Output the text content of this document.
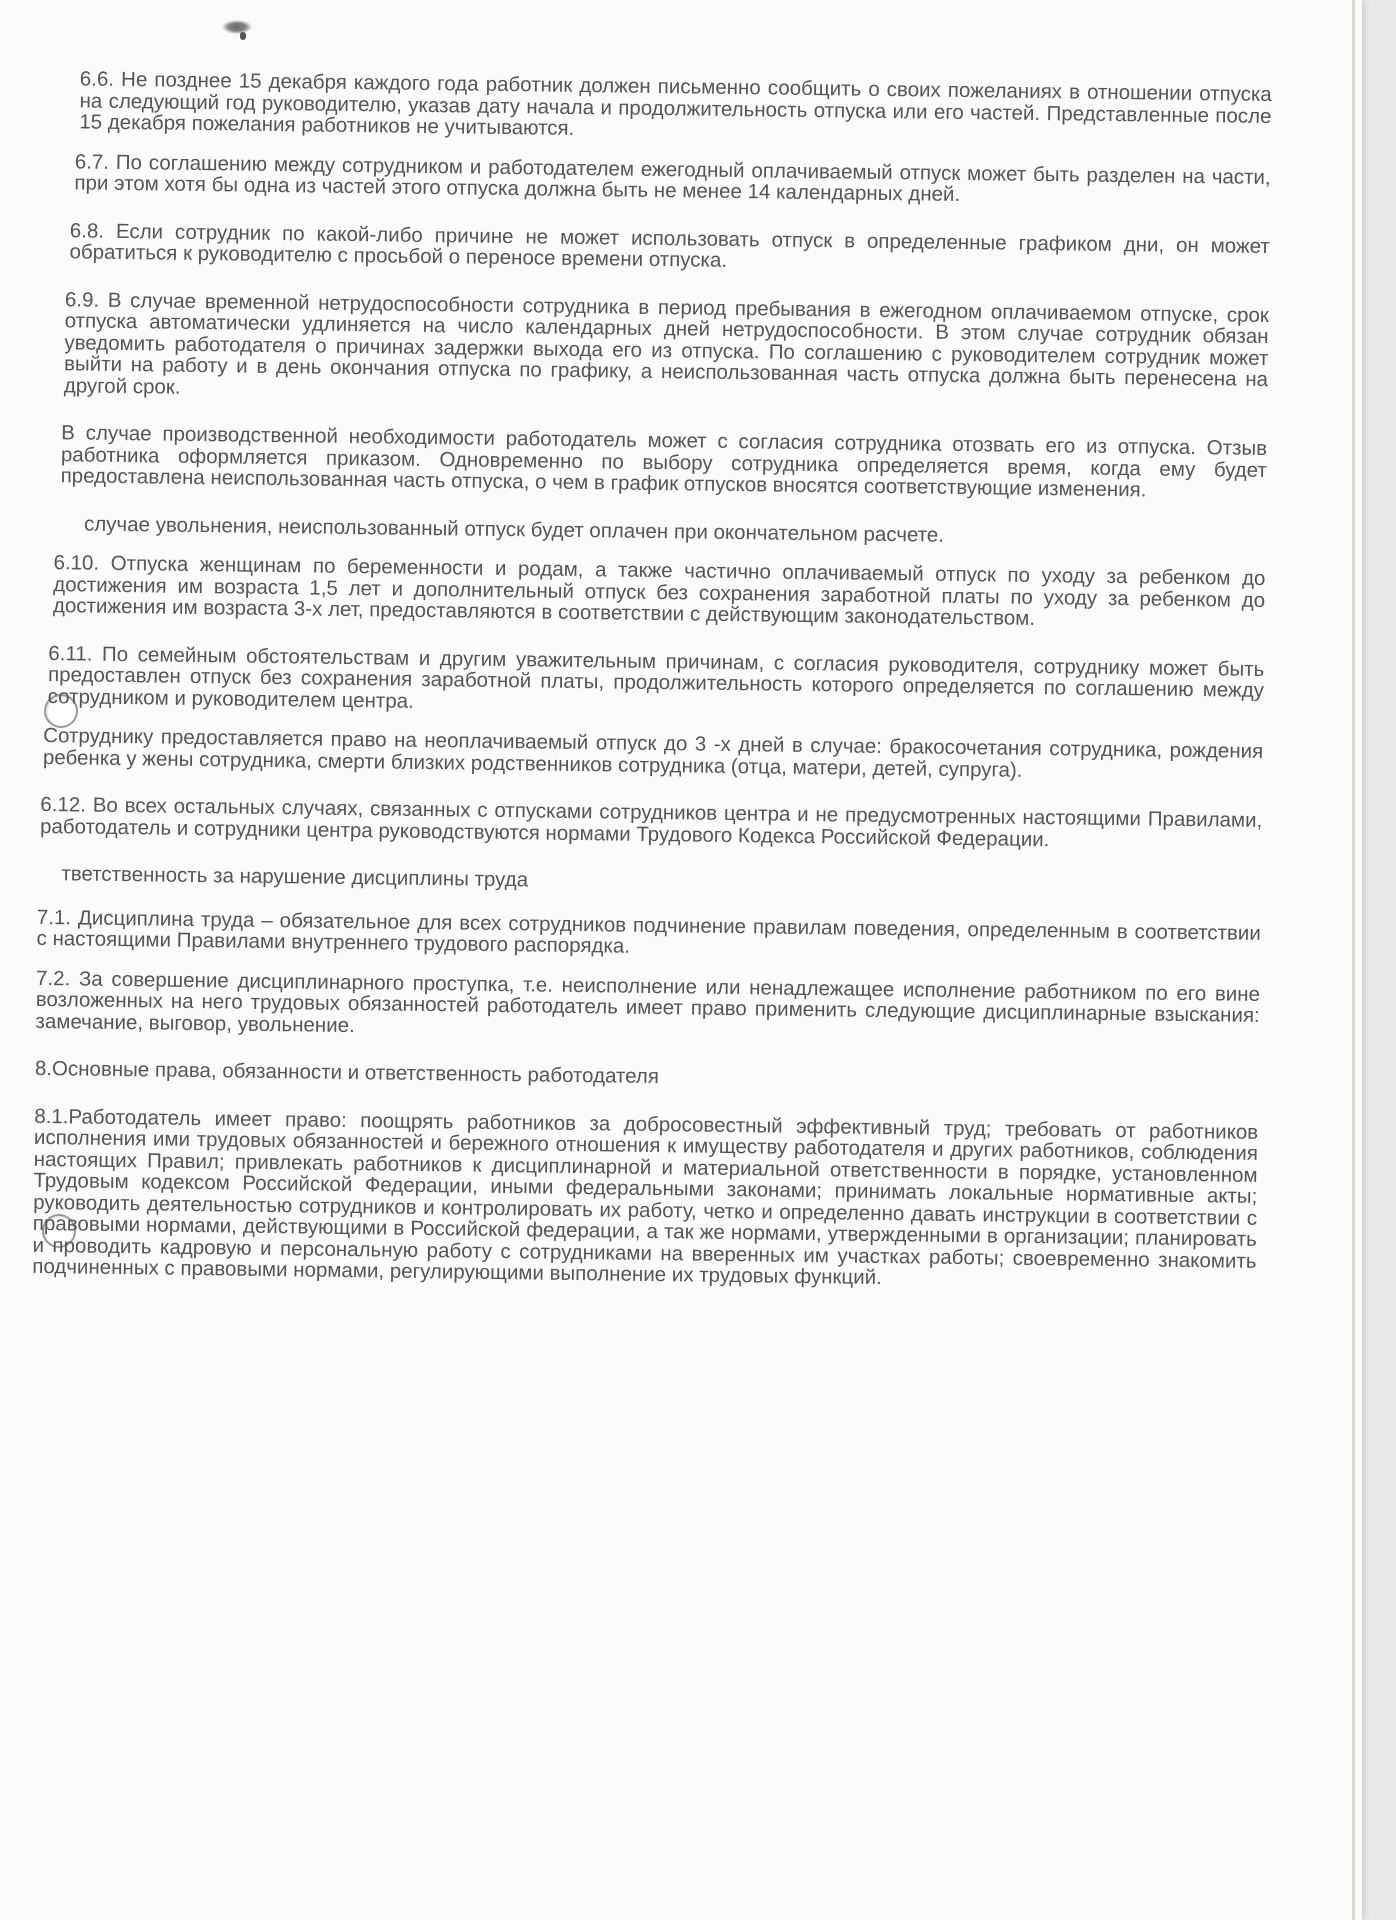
6.6. Не позднее 15 декабря каждого года работник должен письменно сообщить о своих пожеланиях в отношении отпуска на следующий год руководителю, указав дату начала и продолжительность отпуска или его частей. Представленные после 15 декабря пожелания работников не учитываются.

6.7. По соглашению между сотрудником и работодателем ежегодный оплачиваемый отпуск может быть разделен на части, при этом хотя бы одна из частей этого отпуска должна быть не менее 14 календарных дней.

6.8. Если сотрудник по какой-либо причине не может использовать отпуск в определенные графиком дни, он может обратиться к руководителю с просьбой о переносе времени отпуска.

6.9. В случае временной нетрудоспособности сотрудника в период пребывания в ежегодном оплачиваемом отпуске, срок отпуска автоматически удлиняется на число календарных дней нетрудоспособности. В этом случае сотрудник обязан уведомить работодателя о причинах задержки выхода его из отпуска. По соглашению с руководителем сотрудник может выйти на работу и в день окончания отпуска по графику, а неиспользованная часть отпуска должна быть перенесена на другой срок.

В случае производственной необходимости работодатель может с согласия сотрудника отозвать его из отпуска. Отзыв работника оформляется приказом. Одновременно по выбору сотрудника определяется время, когда ему будет предоставлена неиспользованная часть отпуска, о чем в график отпусков вносятся соответствующие изменения.

случае увольнения, неиспользованный отпуск будет оплачен при окончательном расчете.

6.10. Отпуска женщинам по беременности и родам, а также частично оплачиваемый отпуск по уходу за ребенком до достижения им возраста 1,5 лет и дополнительный отпуск без сохранения заработной платы по уходу за ребенком до достижения им возраста 3-х лет, предоставляются в соответствии с действующим законодательством.

6.11. По семейным обстоятельствам и другим уважительным причинам, с согласия руководителя, сотруднику может быть предоставлен отпуск без сохранения заработной платы, продолжительность которого определяется по соглашению между сотрудником и руководителем центра.

Сотруднику предоставляется право на неоплачиваемый отпуск до 3 -х дней в случае: бракосочетания сотрудника, рождения ребенка у жены сотрудника, смерти близких родственников сотрудника (отца, матери, детей, супруга).

6.12. Во всех остальных случаях, связанных с отпусками сотрудников центра и не предусмотренных настоящими Правилами, работодатель и сотрудники центра руководствуются нормами Трудового Кодекса Российской Федерации.

тветственность за нарушение дисциплины труда

7.1. Дисциплина труда – обязательное для всех сотрудников подчинение правилам поведения, определенным в соответствии с настоящими Правилами внутреннего трудового распорядка.

7.2. За совершение дисциплинарного проступка, т.е. неисполнение или ненадлежащее исполнение работником по его вине возложенных на него трудовых обязанностей работодатель имеет право применить следующие дисциплинарные взыскания: замечание, выговор, увольнение.

8.Основные права, обязанности и ответственность работодателя

8.1.Работодатель имеет право: поощрять работников за добросовестный эффективный труд; требовать от работников исполнения ими трудовых обязанностей и бережного отношения к имуществу работодателя и других работников, соблюдения настоящих Правил; привлекать работников к дисциплинарной и материальной ответственности в порядке, установленном Трудовым кодексом Российской Федерации, иными федеральными законами; принимать локальные нормативные акты; руководить деятельностью сотрудников и контролировать их работу, четко и определенно давать инструкции в соответствии с правовыми нормами, действующими в Российской федерации, а так же нормами, утвержденными в организации; планировать и проводить кадровую и персональную работу с сотрудниками на вверенных им участках работы; своевременно знакомить подчиненных с правовыми нормами, регулирующими выполнение их трудовых функций.
